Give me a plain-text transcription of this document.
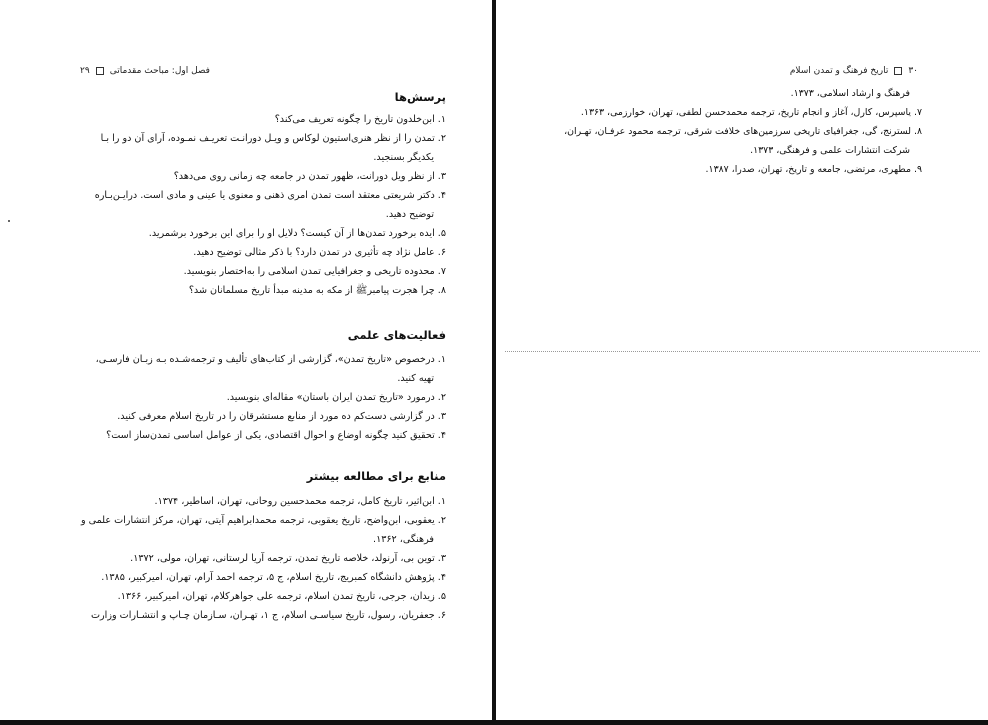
فصل اول: مباحث مقدماتی
۲۹
پرسش‌ها

۱. ابن‌خلدون تاریخ را چگونه تعریف می‌کند؟

۲. تمدن را از نظر هنری‌استیون لوکاس و ویـل دورانـت تعریـف نمـوده، آرای آن دو را بـا

یکدیگر بسنجید.

۳. از نظر ویل دورانت، ظهور تمدن در جامعه چه زمانی روی می‌دهد؟

۴. دکتر شریعتی معتقد است تمدن امری ذهنی و معنوی یا عینی و مادی است. درایـن‌بـاره

توضیح دهید.

۵. ایده برخورد تمدن‌ها از آن کیست؟ دلایل او را برای این برخورد برشمرید.

۶. عامل نژاد چه تأثیری در تمدن دارد؟ با ذکر مثالی توضیح دهید.

۷. محدوده تاریخی و جغرافیایی تمدن اسلامی را به‌اختصار بنویسید.

۸. چرا هجرت پیامبرﷺ از مکه به مدینه مبدأ تاریخ مسلمانان شد؟

فعالیت‌های علمی

۱. درخصوص «تاریخ تمدن»، گزارشی از کتاب‌های تألیف و ترجمه‌شـده بـه زبـان فارسـی،

تهیه کنید.

۲. درمورد «تاریخ تمدن ایران باستان» مقاله‌ای بنویسید.

۳. در گزارشی دست‌کم ده مورد از منابع مستشرقان را در تاریخ اسلام معرفی کنید.

۴. تحقیق کنید چگونه اوضاع و احوال اقتصادی، یکی از عوامل اساسی تمدن‌ساز است؟

منابع برای مطالعه بیشتر

۱. ابن‌اثیر، تاریخ کامل، ترجمه محمدحسین روحانی، تهران، اساطیر، ۱۳۷۴.

۲. یعقوبی، ابن‌واضح، تاریخ یعقوبی، ترجمه محمدابراهیم آیتی، تهران، مرکز انتشارات علمی و

فرهنگی، ۱۳۶۲.

۳. توین بی، آرنولد، خلاصه تاریخ تمدن، ترجمه آریا لرستانی، تهران، مولی، ۱۳۷۲.

۴. پژوهش دانشگاه کمبریج، تاریخ اسلام، ج ۵، ترجمه احمد آرام، تهران، امیرکبیر، ۱۳۸۵.

۵. زیدان، جرجی، تاریخ تمدن اسلام، ترجمه علی جواهرکلام، تهران، امیرکبیر، ۱۳۶۶.

۶. جعفریان، رسول، تاریخ سیاسـی اسلام، ج ۱، تهـران، سـازمان چـاپ و انتشـارات وزارت

۳۰
تاریخ فرهنگ و تمدن اسلام

فرهنگ و ارشاد اسلامی، ۱۳۷۳.

۷. یاسپرس، کارل، آغاز و انجام تاریخ، ترجمه محمدحسن لطفی، تهران، خوارزمی، ۱۳۶۳.

۸. لسترنج، گی، جغرافیای تاریخی سرزمین‌های خلافت شرقی، ترجمه محمود عرفـان، تهـران،

شرکت انتشارات علمی و فرهنگی، ۱۳۷۳.

۹. مطهری، مرتضی، جامعه و تاریخ، تهران، صدرا، ۱۳۸۷.
